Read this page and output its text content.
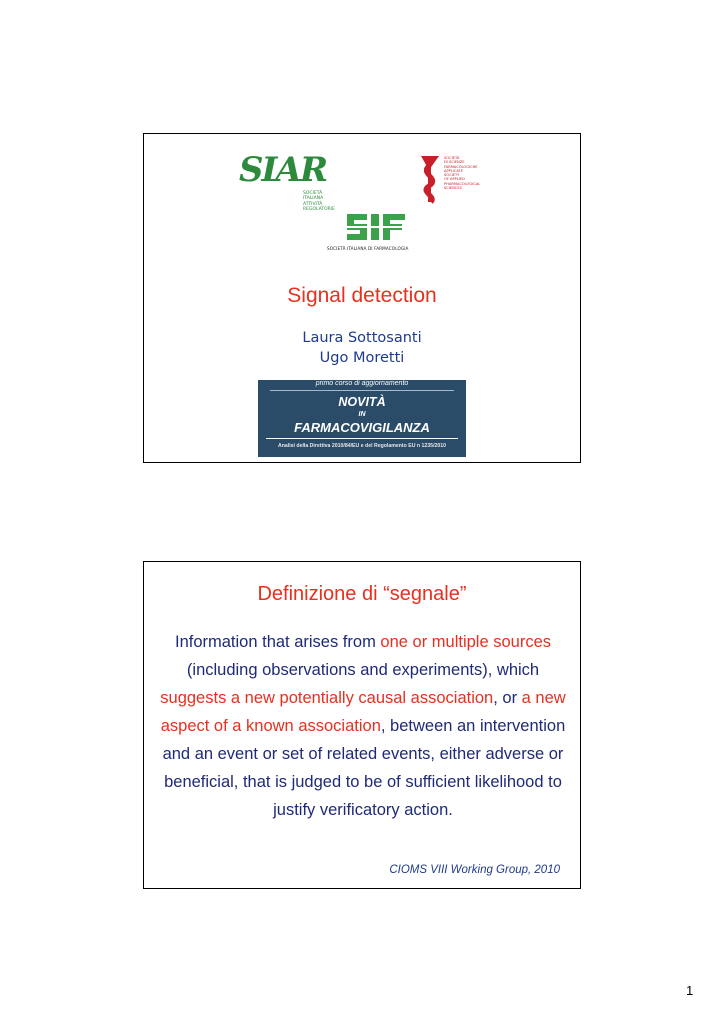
SIAR
SOCIETÀ
ITALIANA
ATTIVITÀ
REGOLATORIE
SOCIETÀ
DI SCIENZE
FARMACOLOGICHE
APPLICATE
SOCIETY
OF APPLIED
PHARMACOLOGICAL
SCIENCES
SOCIETÀ ITALIANA DI FARMACOLOGIA
Signal detection
Laura Sottosanti
Ugo Moretti
primo corso di aggiornamento
NOVITÀ
IN
FARMACOVIGILANZA
Analisi della Direttiva 2010/84/EU e del Regolamento EU n 1235/2010
Definizione di “segnale”
Information that arises from one or multiple sources (including observations and experiments), which suggests a new potentially causal association, or a new aspect of a known association, between an intervention and an event or set of related events, either adverse or beneficial, that is judged to be of sufficient likelihood to justify verificatory action.
CIOMS VIII Working Group, 2010
1
